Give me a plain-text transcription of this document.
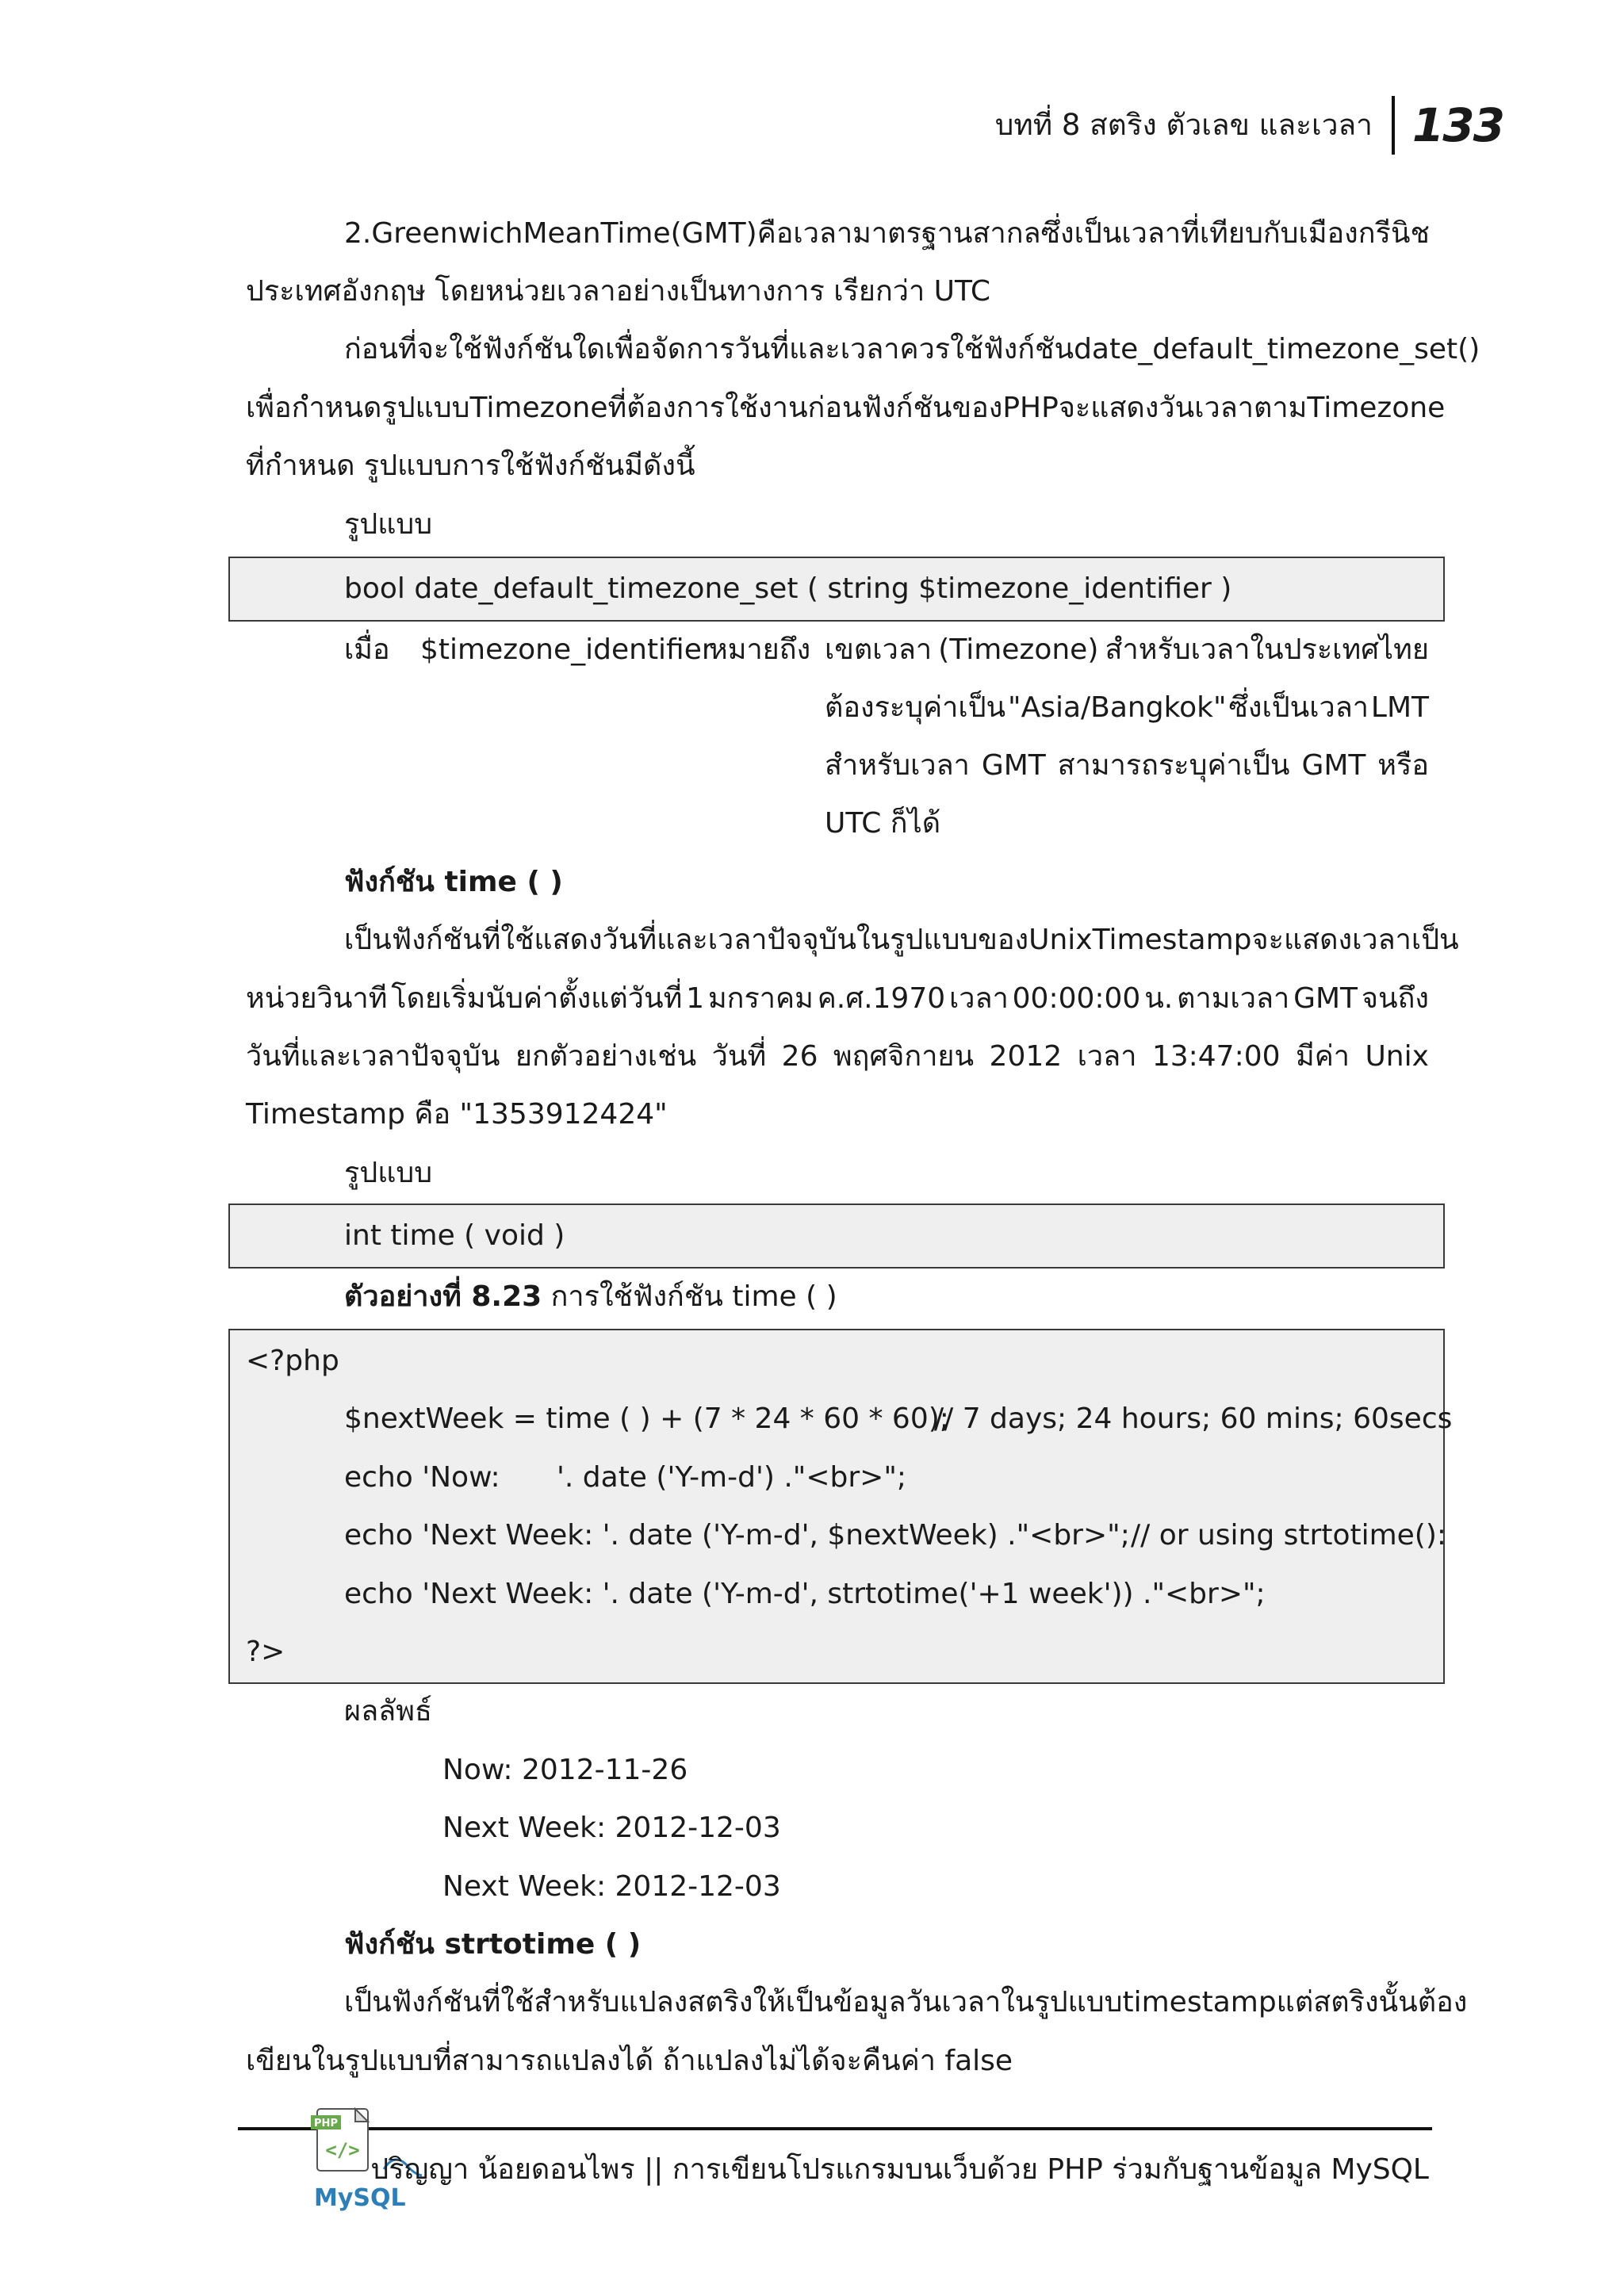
บทที่ 8 สตริง ตัวเลข และเวลา 133
2. Greenwich Mean Time (GMT) คือ เวลามาตรฐานสากล ซึ่งเป็นเวลาที่เทียบกับเมืองกรีนิช
ประเทศอังกฤษ โดยหน่วยเวลาอย่างเป็นทางการ เรียกว่า UTC
ก่อนที่จะใช้ฟังก์ชันใดเพื่อจัดการวันที่และเวลา ควรใช้ฟังก์ชัน date_default_timezone_set ()
เพื่อกำหนดรูปแบบ Timezone ที่ต้องการใช้งานก่อน ฟังก์ชันของ PHP จะแสดงวันเวลาตาม Timezone
ที่กำหนด รูปแบบการใช้ฟังก์ชันมีดังนี้
รูปแบบ
bool date_default_timezone_set ( string $timezone_identifier )
เมื่อ $timezone_identifier
หมายถึง เขตเวลา (Timezone) สำหรับเวลาในประเทศไทย
ต้องระบุค่าเป็น "Asia/Bangkok" ซึ่งเป็นเวลา LMT
สำหรับเวลา GMT สามารถระบุค่าเป็น GMT หรือ
UTC ก็ได้
ฟังก์ชัน time ( )
เป็นฟังก์ชันที่ใช้แสดงวันที่และเวลาปัจจุบันในรูปแบบของ Unix Timestamp จะแสดงเวลาเป็น
หน่วยวินาที โดยเริ่มนับค่าตั้งแต่วันที่ 1 มกราคม ค.ศ.1970 เวลา 00:00:00 น. ตามเวลา GMT จนถึง
วันที่และเวลาปัจจุบัน ยกตัวอย่างเช่น วันที่ 26 พฤศจิกายน 2012 เวลา 13:47:00 มีค่า Unix
Timestamp คือ "1353912424"
รูปแบบ
int time ( void )
ตัวอย่างที่ 8.23 การใช้ฟังก์ชัน time ( )
<?php
$nextWeek = time ( ) + (7 * 24 * 60 * 60);
// 7 days; 24 hours; 60 mins; 60secs
echo 'Now: '. date ('Y-m-d') ."<br>";
echo 'Next Week: '. date ('Y-m-d', $nextWeek) ."<br>"; // or using strtotime():
echo 'Next Week: '. date ('Y-m-d', strtotime('+1 week')) ."<br>";
?>
ผลลัพธ์
Now: 2012-11-26
Next Week: 2012-12-03
Next Week: 2012-12-03
ฟังก์ชัน strtotime ( )
เป็นฟังก์ชันที่ใช้สำหรับแปลงสตริงให้เป็นข้อมูลวันเวลาในรูปแบบ timestamp แต่สตริงนั้นต้อง
เขียนในรูปแบบที่สามารถแปลงได้ ถ้าแปลงไม่ได้จะคืนค่า false
PHP
</>
MySQL
ปริญญา น้อยดอนไพร || การเขียนโปรแกรมบนเว็บด้วย PHP ร่วมกับฐานข้อมูล MySQL
